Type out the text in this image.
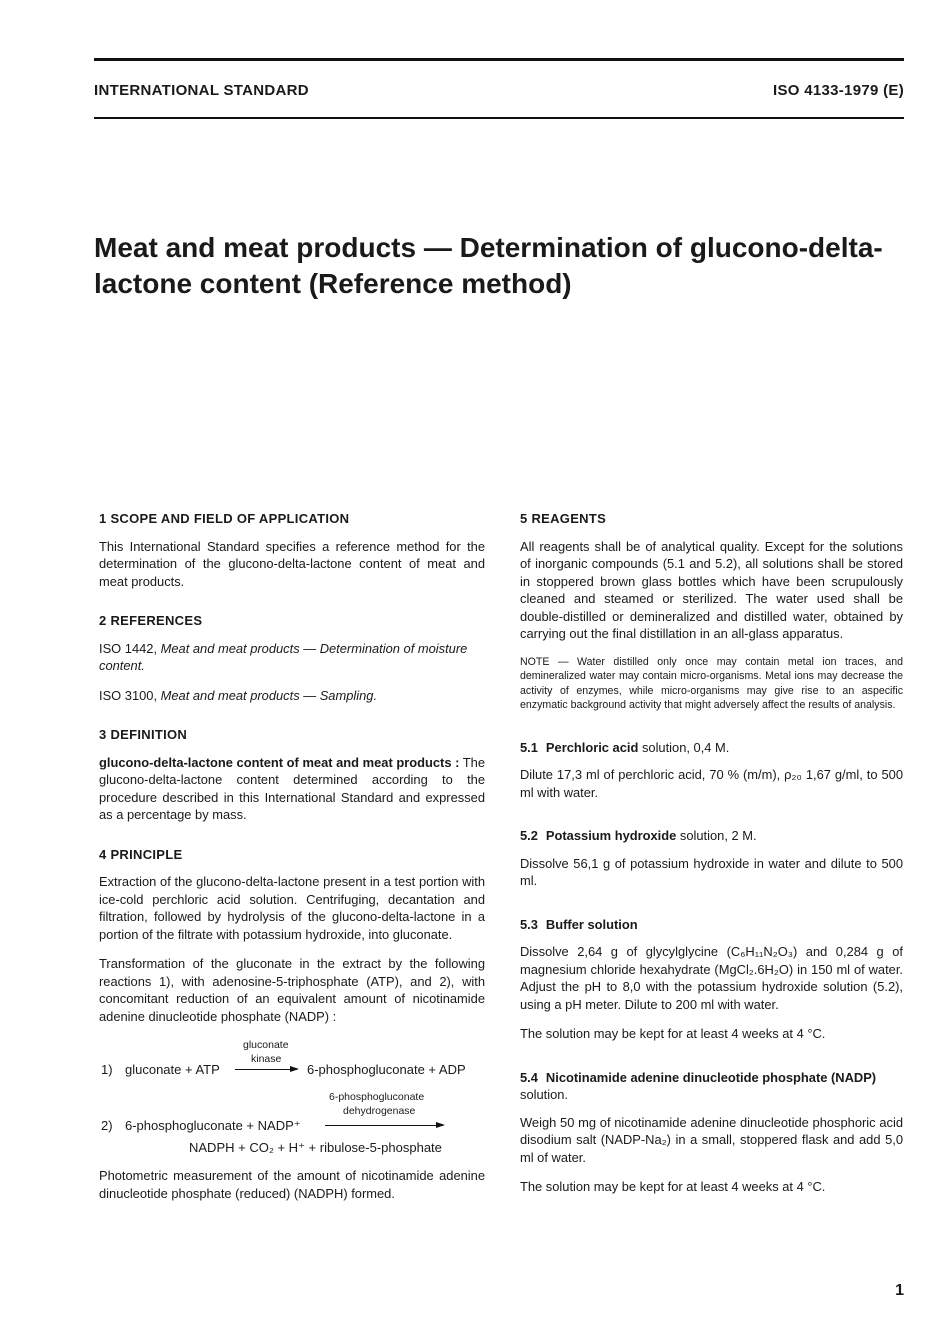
INTERNATIONAL STANDARD	ISO 4133-1979 (E)
Meat and meat products — Determination of glucono-delta-lactone content (Reference method)
1 SCOPE AND FIELD OF APPLICATION

This International Standard specifies a reference method for the determination of the glucono-delta-lactone content of meat and meat products.

2 REFERENCES

ISO 1442, Meat and meat products — Determination of moisture content.

ISO 3100, Meat and meat products — Sampling.

3 DEFINITION

glucono-delta-lactone content of meat and meat products : The glucono-delta-lactone content determined according to the procedure described in this International Standard and expressed as a percentage by mass.

4 PRINCIPLE

Extraction of the glucono-delta-lactone present in a test portion with ice-cold perchloric acid solution. Centrifuging, decantation and filtration, followed by hydrolysis of the glucono-delta-lactone in a portion of the filtrate with potassium hydroxide, into gluconate.

Transformation of the gluconate in the extract by the following reactions 1), with adenosine-5-triphosphate (ATP), and 2), with concomitant reduction of an equivalent amount of nicotinamide adenine dinucleotide phosphate (NADP) :

gluconate
1) gluconate + ATP
kinase
6-phosphogluconate + ADP
6-phosphogluconate
dehydrogenase
2) 6-phosphogluconate + NADP⁺
NADPH + CO₂ + H⁺ + ribulose-5-phosphate

Photometric measurement of the amount of nicotinamide adenine dinucleotide phosphate (reduced) (NADPH) formed.

5 REAGENTS

All reagents shall be of analytical quality. Except for the solutions of inorganic compounds (5.1 and 5.2), all solutions shall be stored in stoppered brown glass bottles which have been scrupulously cleaned and steamed or sterilized. The water used shall be double-distilled or demineralized and distilled water, obtained by carrying out the final distillation in an all-glass apparatus.

NOTE — Water distilled only once may contain metal ion traces, and demineralized water may contain micro-organisms. Metal ions may decrease the activity of enzymes, while micro-organisms may give rise to an aspecific enzymatic background activity that might adversely affect the results of analysis.

5.1 Perchloric acid solution, 0,4 M.

Dilute 17,3 ml of perchloric acid, 70 % (m/m), ρ₂₀ 1,67 g/ml, to 500 ml with water.

5.2 Potassium hydroxide solution, 2 M.

Dissolve 56,1 g of potassium hydroxide in water and dilute to 500 ml.

5.3 Buffer solution

Dissolve 2,64 g of glycylglycine (C₆H₁₁N₂O₃) and 0,284 g of magnesium chloride hexahydrate (MgCl₂.6H₂O) in 150 ml of water. Adjust the pH to 8,0 with the potassium hydroxide solution (5.2), using a pH meter. Dilute to 200 ml with water.

The solution may be kept for at least 4 weeks at 4 °C.

5.4 Nicotinamide adenine dinucleotide phosphate (NADP) solution.

Weigh 50 mg of nicotinamide adenine dinucleotide phosphoric acid disodium salt (NADP-Na₂) in a small, stoppered flask and add 5,0 ml of water.

The solution may be kept for at least 4 weeks at 4 °C.

1
